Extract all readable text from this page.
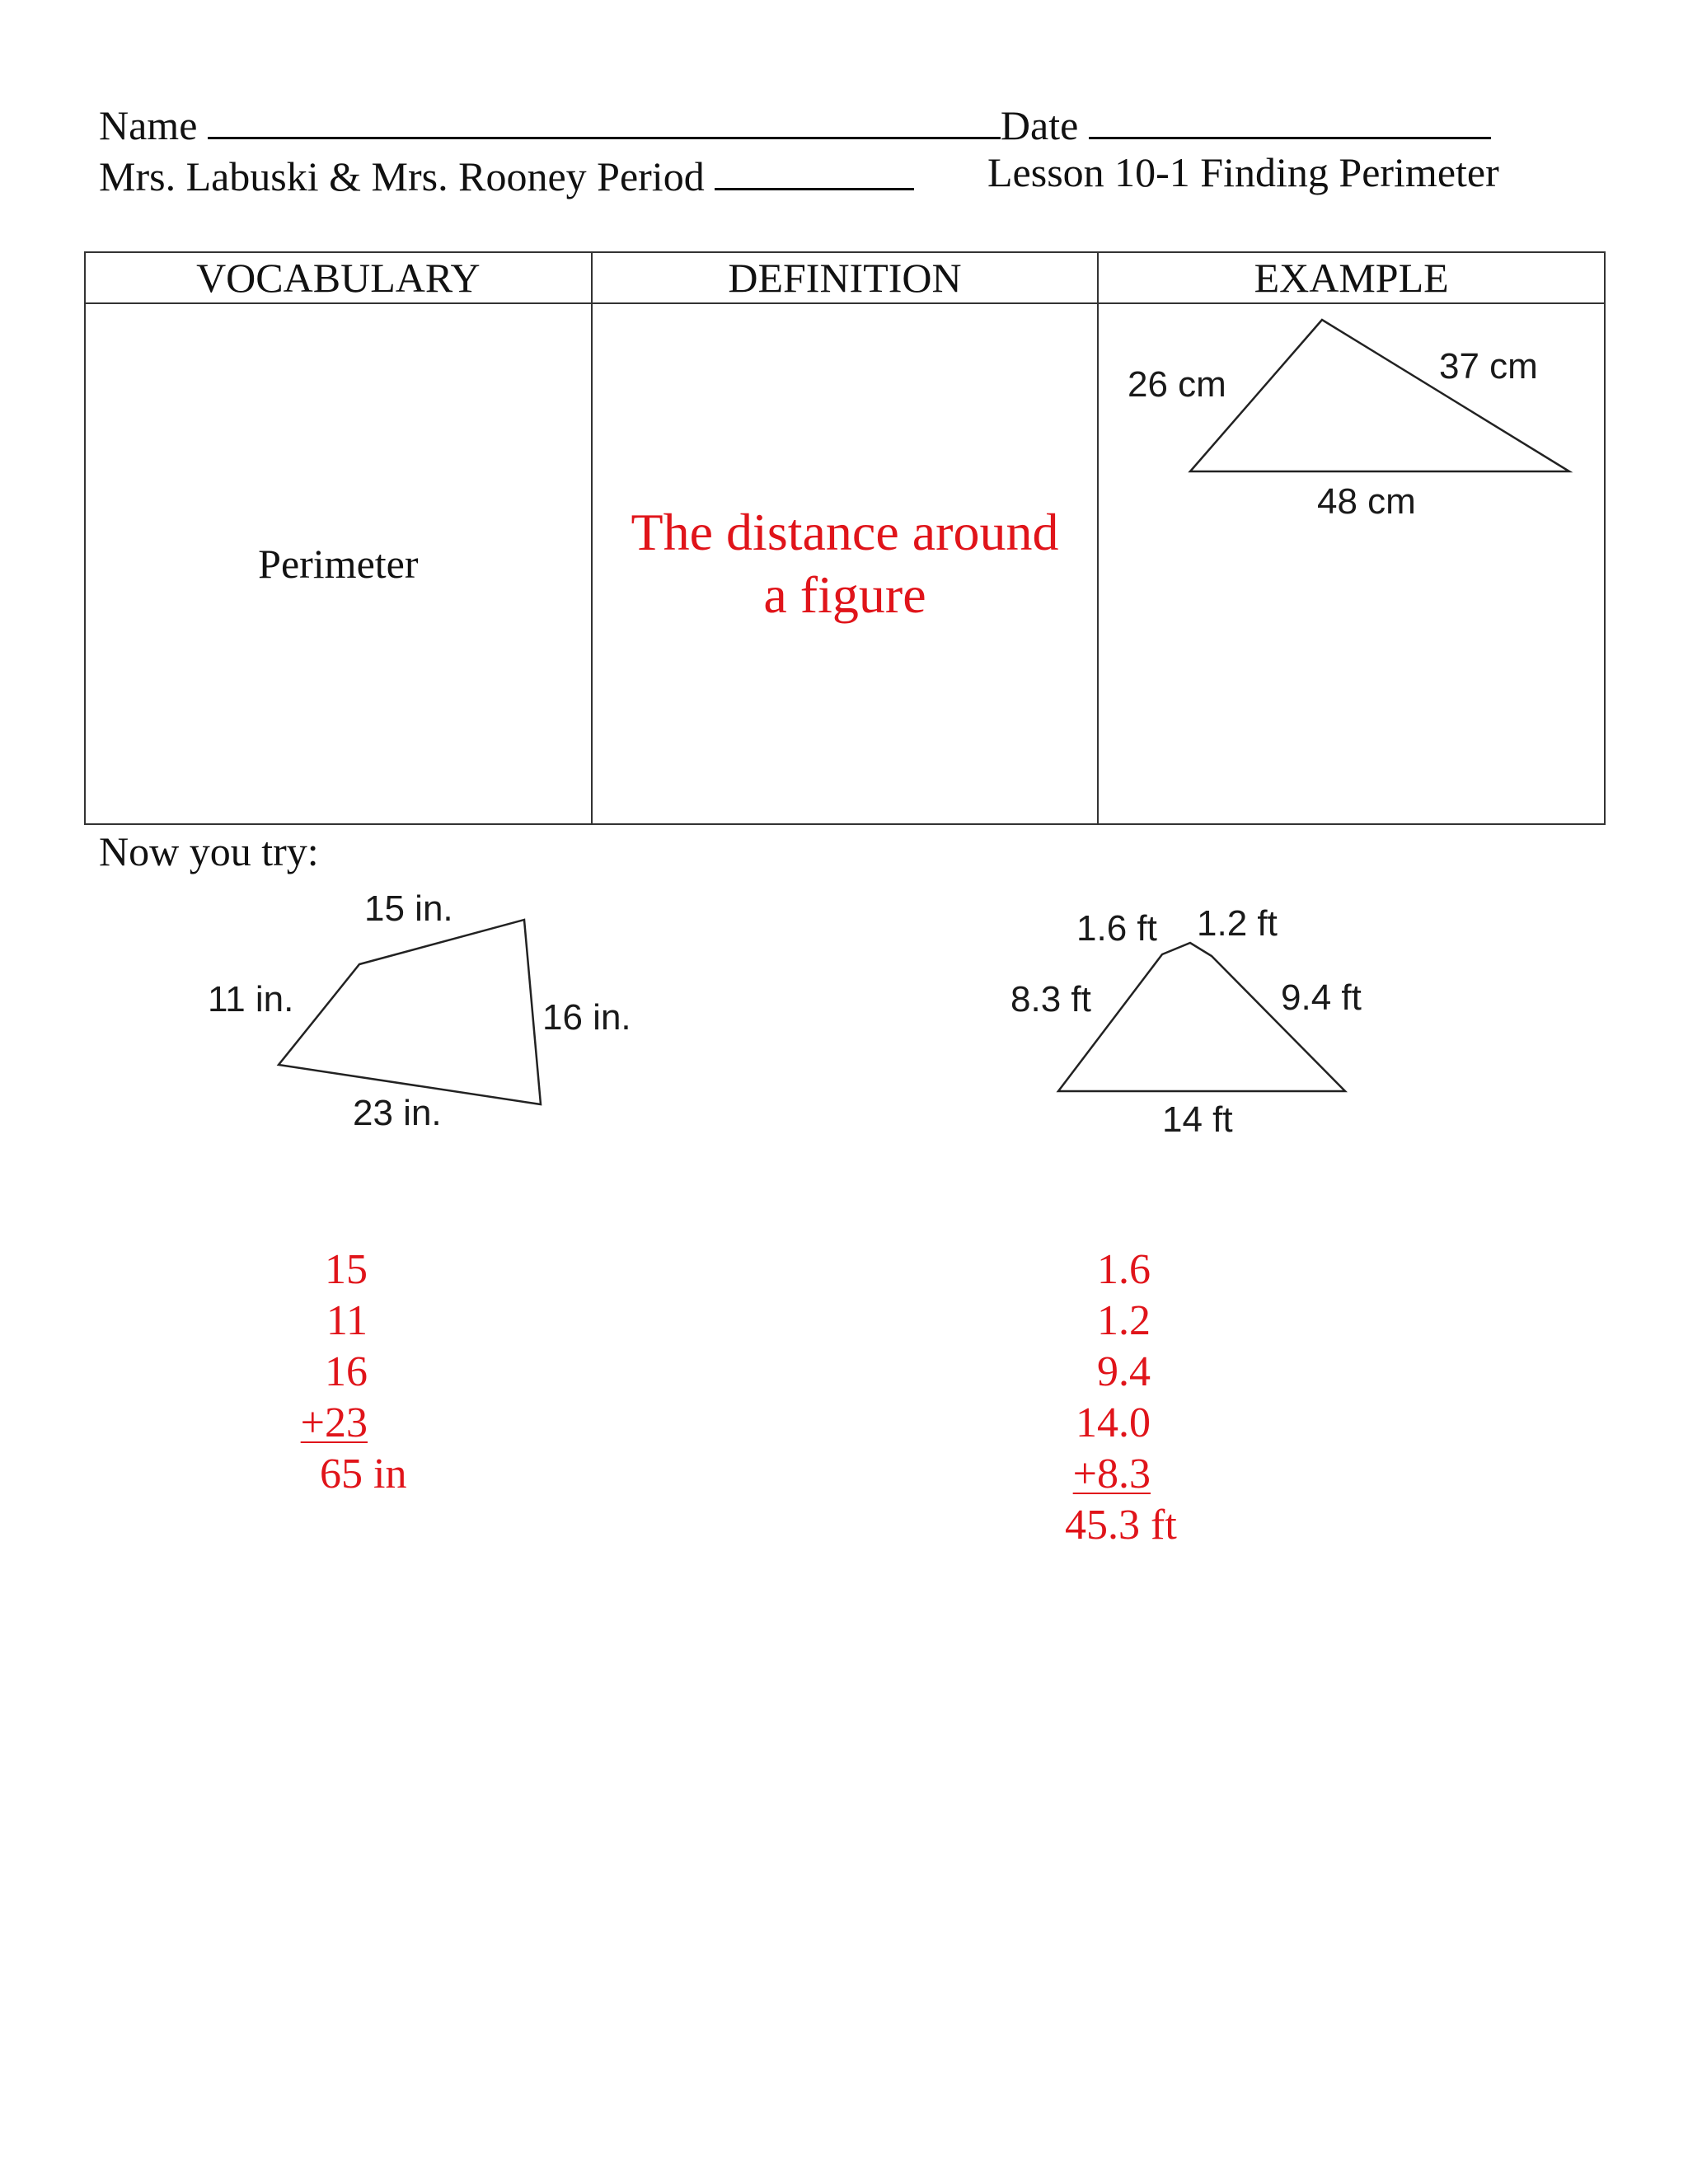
Name	Date
Mrs. Labuski & Mrs. Rooney Period	Lesson 10-1 Finding Perimeter
VOCABULARY	DEFINITION	EXAMPLE
Perimeter	The distance around
a figure	

26 cm	37 cm
48 cm
Now you try:
15 in.
11 in.	16 in.
23 in.
1.6 ft 1.2 ft
8.3 ft	9.4 ft
14 ft
15
11
16
+23
65 in
1.6
1.2
9.4
14.0
+8.3
45.3 ft
